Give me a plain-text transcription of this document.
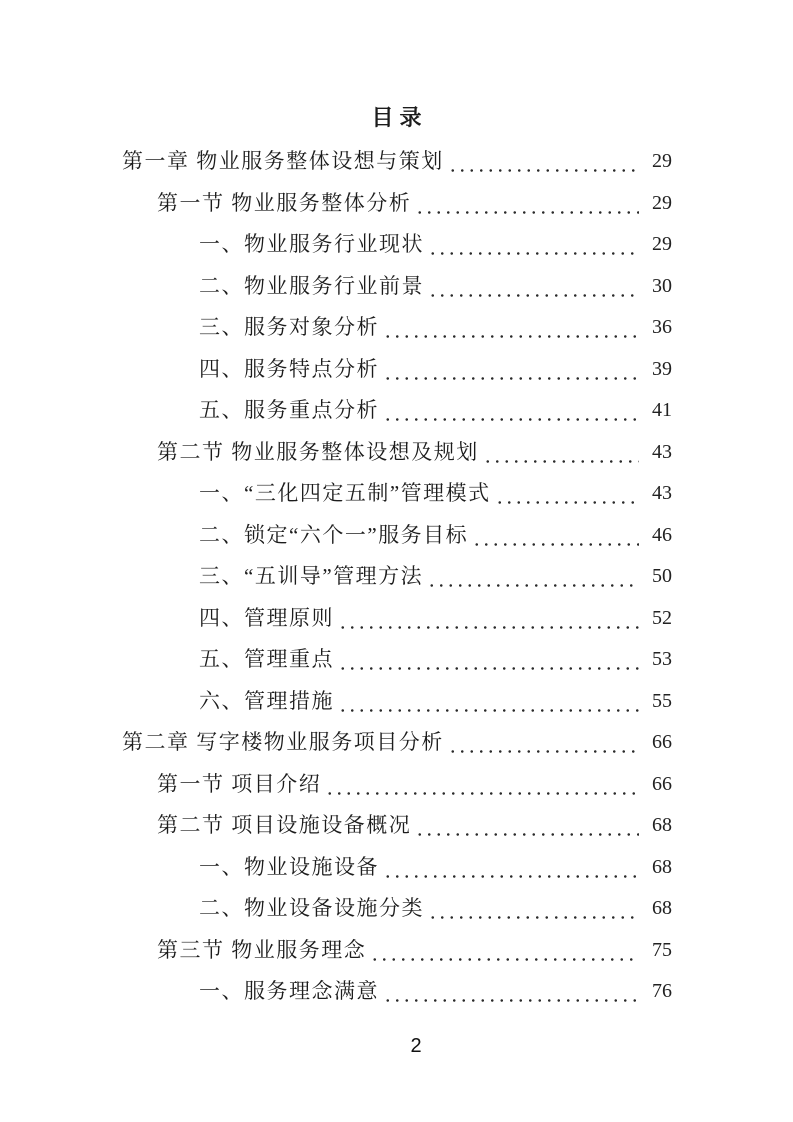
目录
第一章 物业服务整体设想与策划	29
第一节 物业服务整体分析	29
一、物业服务行业现状	29
二、物业服务行业前景	30
三、服务对象分析	36
四、服务特点分析	39
五、服务重点分析	41
第二节 物业服务整体设想及规划	43
一、“三化四定五制”管理模式	43
二、锁定“六个一”服务目标	46
三、“五训导”管理方法	50
四、管理原则	52
五、管理重点	53
六、管理措施	55
第二章 写字楼物业服务项目分析	66
第一节 项目介绍	66
第二节 项目设施设备概况	68
一、物业设施设备	68
二、物业设备设施分类	68
第三节 物业服务理念	75
一、服务理念满意	76
2
